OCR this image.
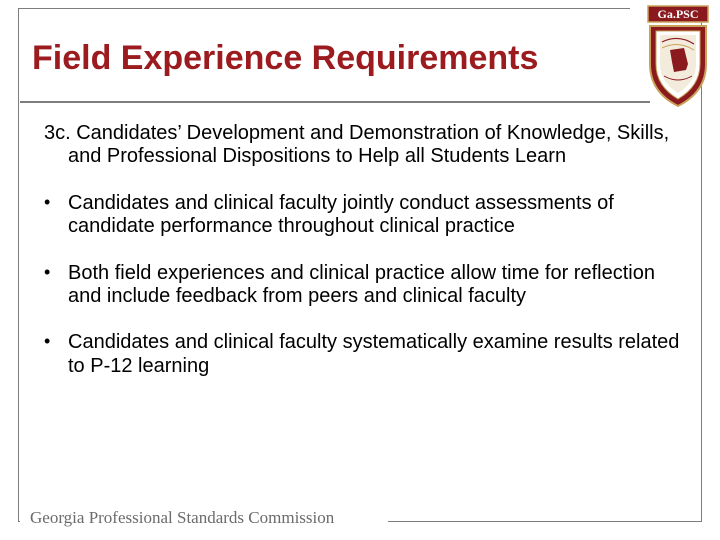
Field Experience Requirements
Ga.PSC
3c. Candidates’ Development and Demonstration of Knowledge, Skills, and Professional Dispositions to Help all Students Learn
• Candidates and clinical faculty jointly conduct assessments of candidate performance throughout clinical practice
• Both field experiences and clinical practice allow time for reflection and include feedback from peers and clinical faculty
• Candidates and clinical faculty systematically examine results related to P-12 learning
Georgia Professional Standards Commission
